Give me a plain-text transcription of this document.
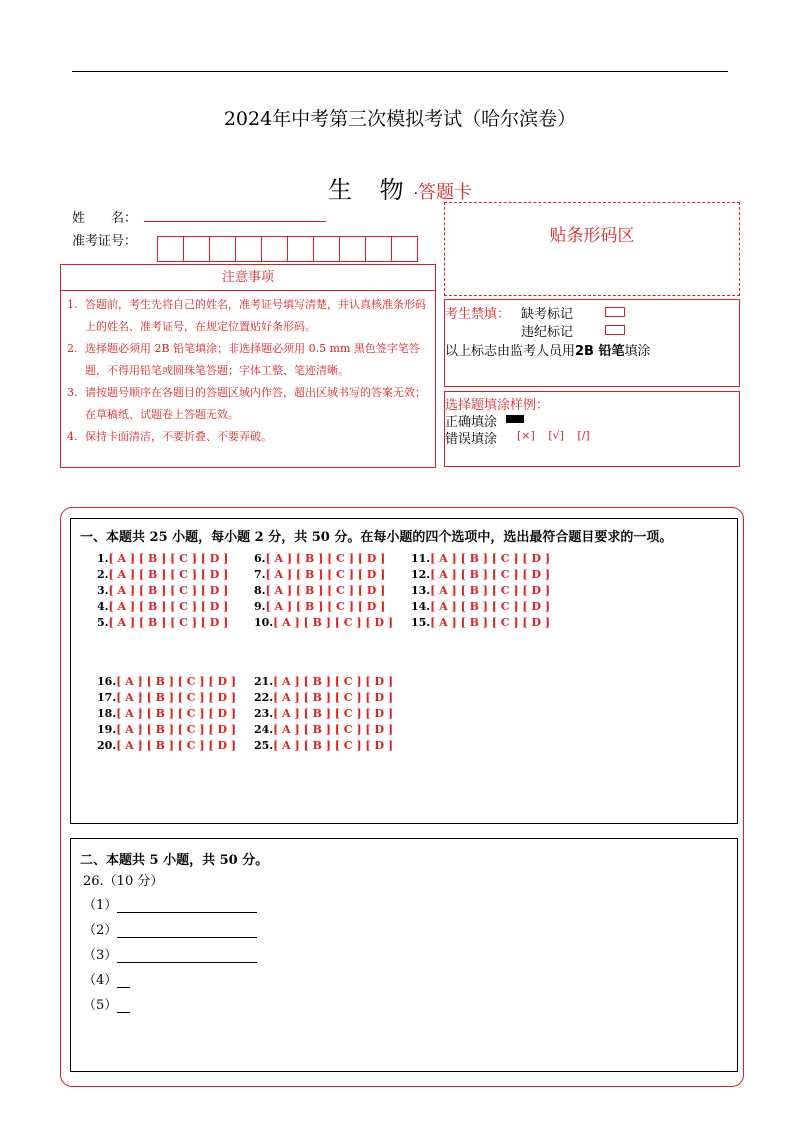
2024年中考第三次模拟考试（哈尔滨卷）
生 物·答题卡
姓　　名：
准考证号：
注意事项
1. 答题前，考生先将自己的姓名，准考证号填写清楚，并认真核准条形码上的姓名、准考证号，在规定位置贴好条形码。
2. 选择题必须用 2B 铅笔填涂；非选择题必须用 0.5 mm 黑色签字笔答题，不得用铅笔或圆珠笔答题；字体工整、笔迹清晰。
3. 请按题号顺序在各题目的答题区域内作答，超出区域书写的答案无效；在草稿纸、试题卷上答题无效。
4. 保持卡面清洁，不要折叠、不要弄破。
贴条形码区
考生禁填： 缺考标记
违纪标记
以上标志由监考人员用2B 铅笔填涂
选择题填涂样例：
正确填涂
错误填涂 [×] [√] [/]
一、本题共 25 小题，每小题 2 分，共 50 分。在每小题的四个选项中，选出最符合题目要求的一项。
1.[ A ] [ B ] [ C ] [ D ]
2.[ A ] [ B ] [ C ] [ D ]
3.[ A ] [ B ] [ C ] [ D ]
4.[ A ] [ B ] [ C ] [ D ]
5.[ A ] [ B ] [ C ] [ D ]
6.[ A ] [ B ] [ C ] [ D ]
7.[ A ] [ B ] [ C ] [ D ]
8.[ A ] [ B ] [ C ] [ D ]
9.[ A ] [ B ] [ C ] [ D ]
10.[ A ] [ B ] [ C ] [ D ]
11.[ A ] [ B ] [ C ] [ D ]
12.[ A ] [ B ] [ C ] [ D ]
13.[ A ] [ B ] [ C ] [ D ]
14.[ A ] [ B ] [ C ] [ D ]
15.[ A ] [ B ] [ C ] [ D ]
16.[ A ] [ B ] [ C ] [ D ]
17.[ A ] [ B ] [ C ] [ D ]
18.[ A ] [ B ] [ C ] [ D ]
19.[ A ] [ B ] [ C ] [ D ]
20.[ A ] [ B ] [ C ] [ D ]
21.[ A ] [ B ] [ C ] [ D ]
22.[ A ] [ B ] [ C ] [ D ]
23.[ A ] [ B ] [ C ] [ D ]
24.[ A ] [ B ] [ C ] [ D ]
25.[ A ] [ B ] [ C ] [ D ]
二、本题共 5 小题，共 50 分。
26.（10 分）
（1）
（2）
（3）
（4）
（5）
